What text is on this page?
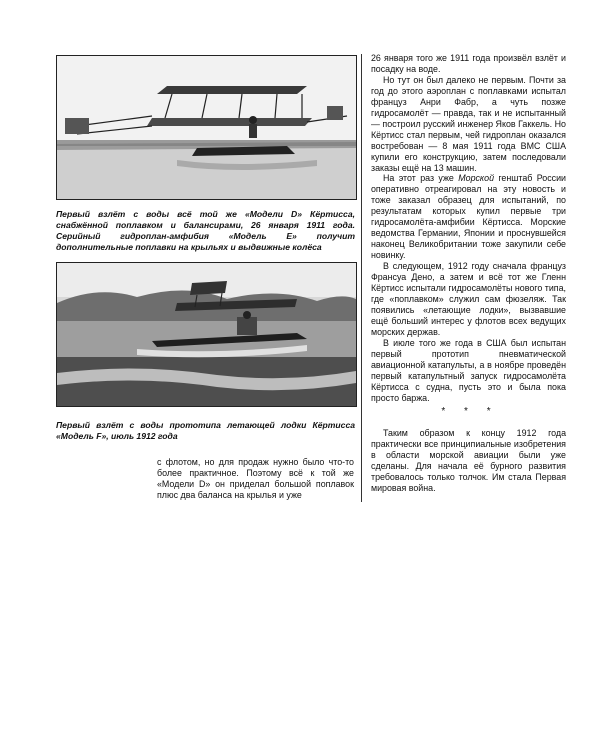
Первый взлёт с воды всё той же «Модели D» Кёртисса, снабжённой поплавком и балансирами, 26 января 1911 года. Серийный гидроплан-амфибия «Модель E» получит дополнительные поплавки на крыльях и выдвижные колёса

Первый взлёт с воды прототипа летающей лодки Кёртисса «Модель F», июль 1912 года

с флотом, но для продаж нужно было что-то более практичное. Поэтому всё к той же «Модели D» он приделал большой поплавок плюс два баланса на крылья и уже

26 января того же 1911 года произвёл взлёт и посадку на воде.

Но тут он был далеко не первым. Почти за год до этого аэроплан с поплавками испытал француз Анри Фабр, а чуть позже гидросамолёт — правда, так и не испытанный — построил русский инженер Яков Гаккель. Но Кёртисс стал первым, чей гидроплан оказался востребован — 8 мая 1911 года ВМС США купили его конструкцию, затем последовали заказы ещё на 13 машин.

На этот раз уже Морской генштаб России оперативно отреагировал на эту новость и тоже заказал образец для испытаний, по результатам которых купил первые три гидросамолёта-амфибии Кёртисса. Морские ведомства Германии, Японии и проснувшейся наконец Великобритании тоже закупили себе новинку.

В следующем, 1912 году сначала француз Франсуа Дено, а затем и всё тот же Гленн Кёртисс испытали гидросамолёты нового типа, где «поплавком» служил сам фюзеляж. Так появились «летающие лодки», вызвавшие ещё больший интерес у флотов всех ведущих морских держав.

В июле того же года в США был испытан первый прототип пневматической авиационной катапульты, а в ноябре проведён первый катапультный запуск гидросамолёта Кёртисса с судна, пусть это и была пока просто баржа.

* * *

Таким образом к концу 1912 года практически все принципиальные изобретения в области морской авиации были уже сделаны. Для начала её бурного развития требовалось только толчок. Им стала Первая мировая война.
